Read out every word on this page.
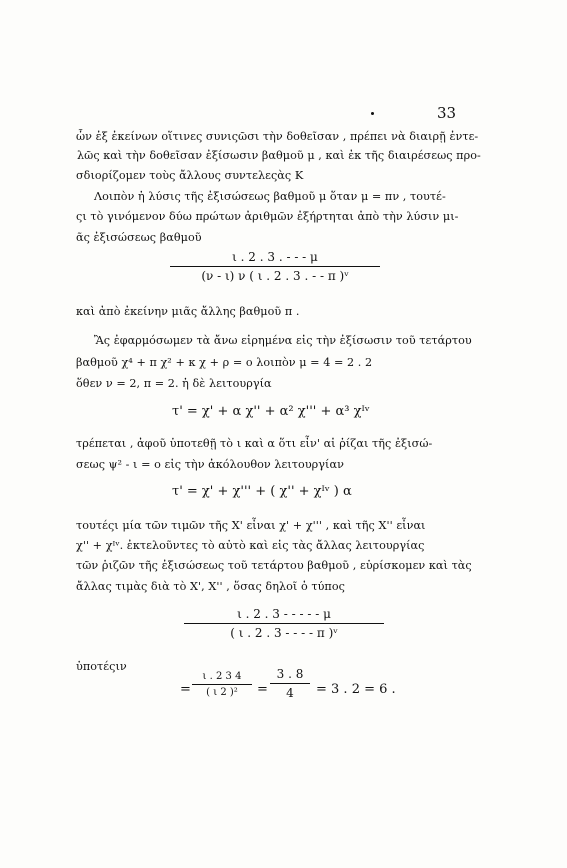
33
ὧν ἐξ ἐκείνων οἵτινες συνιςῶσι τὴν δοθεῖσαν , πρέπει νὰ διαιρῇ ἐντε-
λῶς καὶ τὴν δοθεῖσαν ἐξίσωσιν βαθμοῦ μ , καὶ ἐκ τῆς διαιρέσεως προ-
σδιορίζομεν τοὺς ἄλλους συντελεςὰς Κ
Λοιπὸν ἡ λύσις τῆς ἐξισώσεως βαθμοῦ μ ὅταν μ = πν , τουτέ-
ςι τὸ γινόμενον δύω πρώτων ἀριθμῶν ἐξήρτηται ἀπὸ τὴν λύσιν μι-
ᾶς ἐξισώσεως βαθμοῦ
ι . 2 . 3 . - - - μ
(ν - ι) ν ( ι . 2 . 3 . - - π )ᵛ
καὶ ἀπὸ ἐκείνην μιᾶς ἄλλης βαθμοῦ π .
Ἂς ἐφαρμόσωμεν τὰ ἄνω εἰρημένα εἰς τὴν ἐξίσωσιν τοῦ τετάρτου
βαθμοῦ χ⁴ + π χ² + κ χ + ρ = ο λοιπὸν μ = 4 = 2 . 2
ὅθεν ν = 2, π = 2. ἡ δὲ λειτουργία
τ' = χ' + α χ'' + α² χ''' + α³ χᴵᵛ
τρέπεται , ἀφοῦ ὑποτεθῇ τὸ ι καὶ α ὅτι εἶν' αἱ ῥίζαι τῆς ἐξισώ-
σεως ψ² - ι = ο εἰς τὴν ἀκόλουθον λειτουργίαν
τ' = χ' + χ''' + ( χ'' + χᴵᵛ ) α
τουτέςι μία τῶν τιμῶν τῆς Χ' εἶναι χ' + χ''' , καὶ τῆς Χ'' εἶναι
χ'' + χᴵᵛ. ἐκτελοῦντες τὸ αὐτὸ καὶ εἰς τὰς ἄλλας λειτουργίας
τῶν ῥιζῶν τῆς ἐξισώσεως τοῦ τετάρτου βαθμοῦ , εὑρίσκομεν καὶ τὰς
ἄλλας τιμὰς διὰ τὸ Χ', Χ'' , ὅσας δηλοῖ ὁ τύπος
ι . 2 . 3 - - - - - μ
( ι . 2 . 3 - - - - π )ᵛ
ὑποτέςιν
=
ι . 2 3 4
( ι 2 )²	=
3 . 8
4	= 3 . 2 = 6 .
